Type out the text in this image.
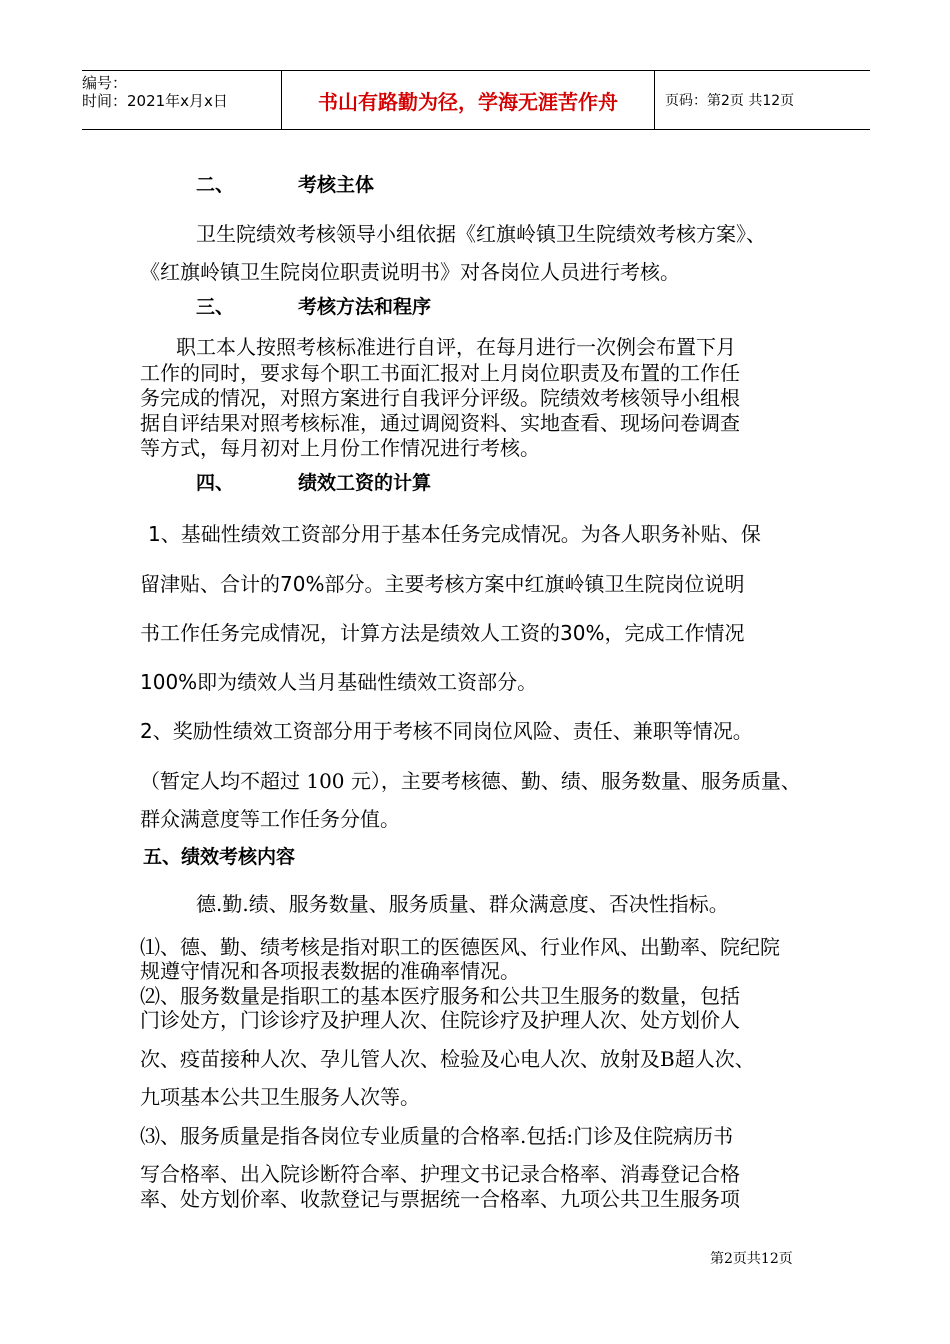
编号：
时间：2021年x月x日	书山有路勤为径，学海无涯苦作舟	页码：第2页 共12页
二、	考核主体
卫生院绩效考核领导小组依据《红旗岭镇卫生院绩效考核方案》、
《红旗岭镇卫生院岗位职责说明书》对各岗位人员进行考核。
三、	考核方法和程序
职工本人按照考核标准进行自评，在每月进行一次例会布置下月
工作的同时，要求每个职工书面汇报对上月岗位职责及布置的工作任
务完成的情况，对照方案进行自我评分评级。院绩效考核领导小组根
据自评结果对照考核标准，通过调阅资料、实地查看、现场问卷调查
等方式，每月初对上月份工作情况进行考核。
四、	绩效工资的计算
1、基础性绩效工资部分用于基本任务完成情况。为各人职务补贴、保
留津贴、合计的70%部分。主要考核方案中红旗岭镇卫生院岗位说明
书工作任务完成情况，计算方法是绩效人工资的30%，完成工作情况
100%即为绩效人当月基础性绩效工资部分。
2、奖励性绩效工资部分用于考核不同岗位风险、责任、兼职等情况。
（暂定人均不超过 100 元），主要考核德、勤、绩、服务数量、服务质量、
群众满意度等工作任务分值。
五、绩效考核内容
德.勤.绩、服务数量、服务质量、群众满意度、否决性指标。
⑴、德、勤、绩考核是指对职工的医德医风、行业作风、出勤率、院纪院
规遵守情况和各项报表数据的准确率情况。
⑵、服务数量是指职工的基本医疗服务和公共卫生服务的数量，包括
门诊处方，门诊诊疗及护理人次、住院诊疗及护理人次、处方划价人
次、疫苗接种人次、孕儿管人次、检验及心电人次、放射及B超人次、
九项基本公共卫生服务人次等。
⑶、服务质量是指各岗位专业质量的合格率.包括:门诊及住院病历书
写合格率、出入院诊断符合率、护理文书记录合格率、消毒登记合格
率、处方划价率、收款登记与票据统一合格率、九项公共卫生服务项
第2页共12页
